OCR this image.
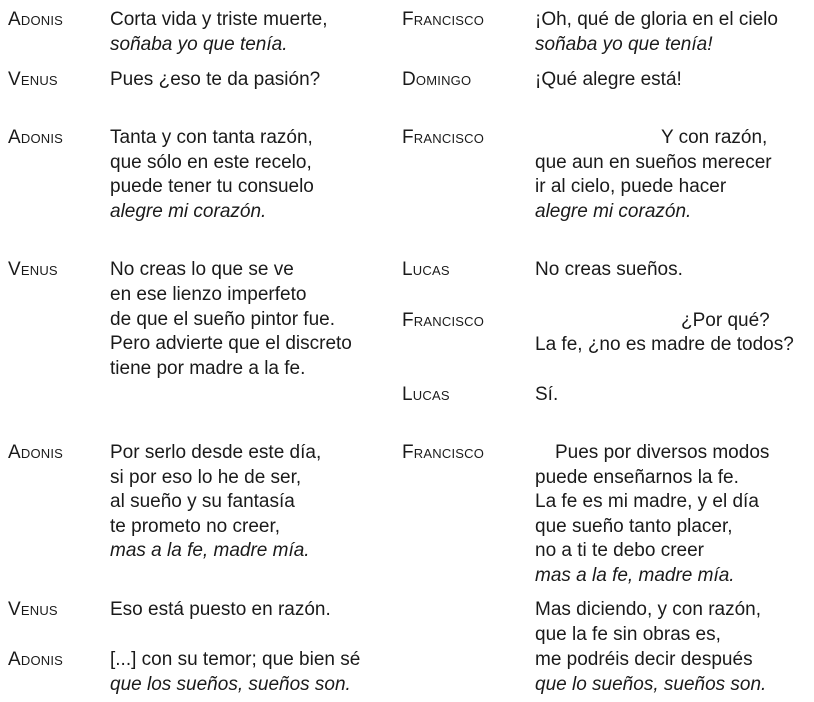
Adonis Corta vida y triste muerte,
soñaba yo que tenía.
Venus	Pues ¿eso te da pasión?
Adonis Tanta y con tanta razón,
que sólo en este recelo,
puede tener tu consuelo
alegre mi corazón.
Venus	No creas lo que se ve
en ese lienzo imperfeto
de que el sueño pintor fue.
Pero advierte que el discreto
tiene por madre a la fe.
Adonis Por serlo desde este día,
si por eso lo he de ser,
al sueño y su fantasía
te prometo no creer,
mas a la fe, madre mía.
Venus	Eso está puesto en razón.
Adonis [...] con su temor; que bien sé
que los sueños, sueños son.
Francisco	¡Oh, qué de gloria en el cielo
soñaba yo que tenía!
Domingo	¡Qué alegre está!
Francisco	Y con razón,
que aun en sueños merecer
ir al cielo, puede hacer
alegre mi corazón.
Lucas	No creas sueños.
Francisco	¿Por qué?
La fe, ¿no es madre de todos?
Lucas	Sí.
Francisco	Pues por diversos modos
puede enseñarnos la fe.
La fe es mi madre, y el día
que sueño tanto placer,
no a ti te debo creer
mas a la fe, madre mía.
Mas diciendo, y con razón,
que la fe sin obras es,
me podréis decir después
que lo sueños, sueños son.
